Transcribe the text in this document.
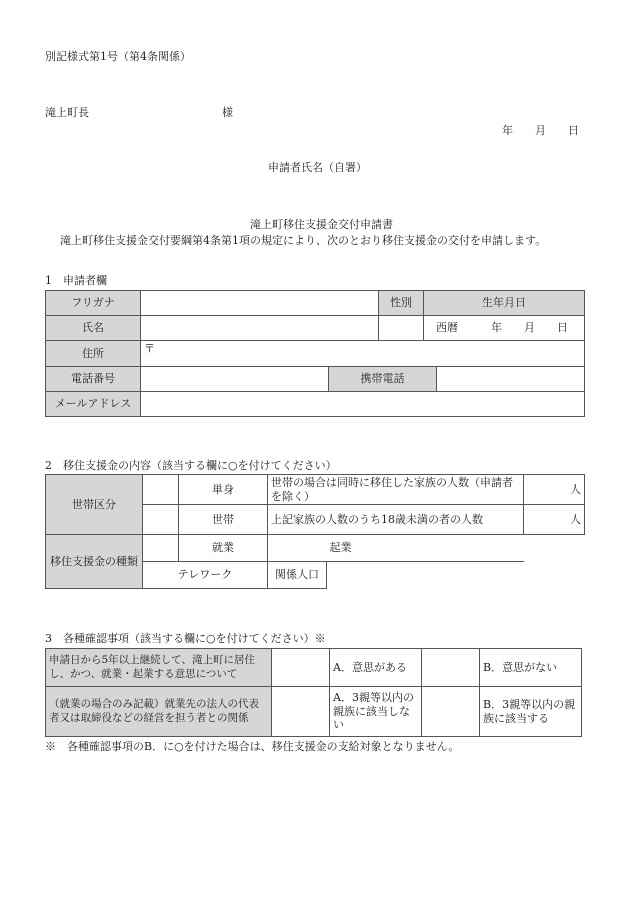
別記様式第1号（第4条関係）
滝上町長	様
年　　月　　日
申請者氏名（自署）
滝上町移住支援金交付申請書
滝上町移住支援金交付要綱第4条第1項の規定により、次のとおり移住支援金の交付を申請します。
1　申請者欄
フリガナ			性別	生年月日	
氏名				西暦　　　年　　月　　日	
住所	〒				
電話番号		携帯電話			
メールアドレス					
2　移住支援金の内容（該当する欄に○を付けてください）
世帯区分		単身	世帯の場合は同時に移住した家族の人数（申請者を除く）		人
		世帯	上記家族の人数のうち18歳未満の者の人数		人
移住支援金の種類		就業		起業	
	テレワーク		関係人口		
3　各種確認事項（該当する欄に○を付けてください）※
申請日から5年以上継続して、滝上町に居住し、かつ、就業・起業する意思について		A．意思がある		B．意思がない
（就業の場合のみ記載）就業先の法人の代表者又は取締役などの経営を担う者との関係		A．3親等以内の親族に該当しない		B．3親等以内の親族に該当する
※　各種確認事項のB．に○を付けた場合は、移住支援金の支給対象となりません。
